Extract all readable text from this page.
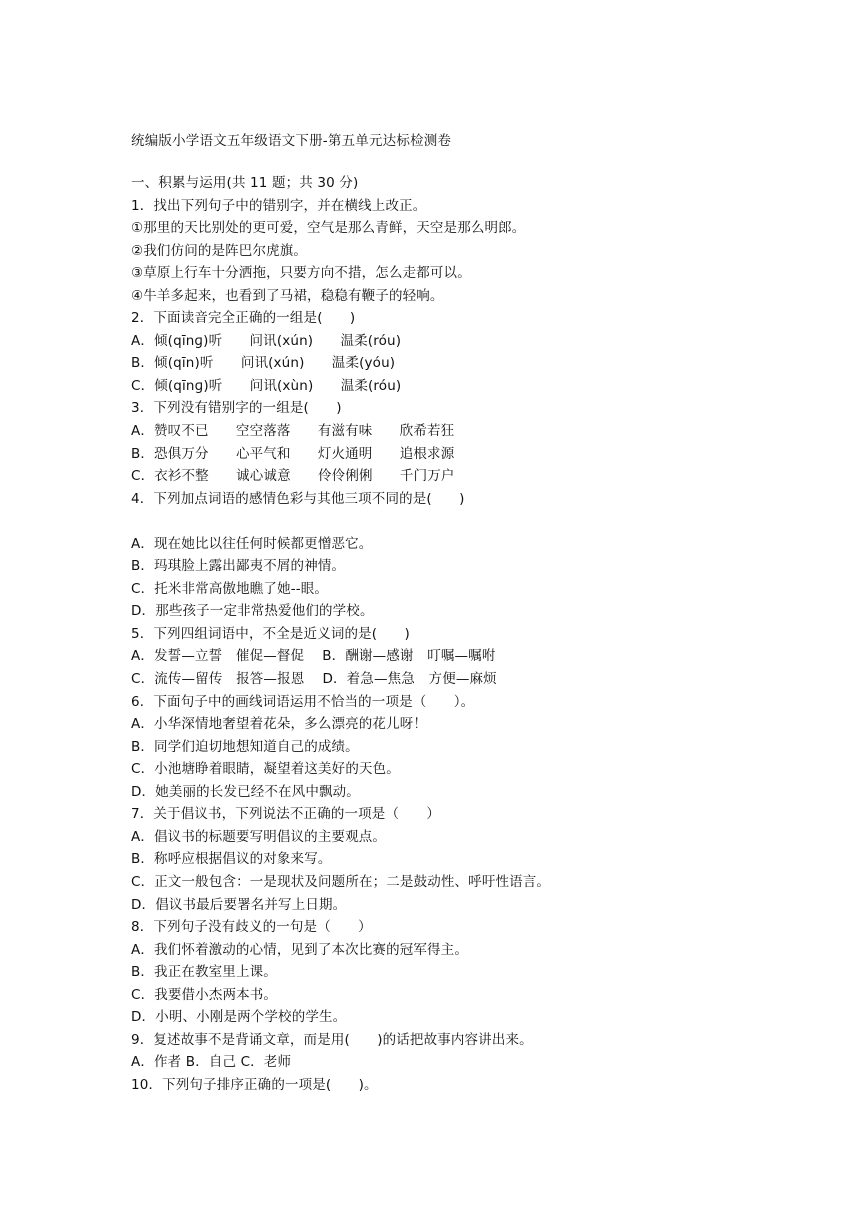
统编版小学语文五年级语文下册-第五单元达标检测卷
一、积累与运用(共 11 题；共 30 分)
1．找出下列句子中的错别字，并在横线上改正。
①那里的天比别处的更可爱，空气是那么青鲜，天空是那么明郎。
②我们仿问的是阵巴尔虎旗。
③草原上行车十分洒拖，只要方向不措，怎么走都可以。
④牛羊多起来，也看到了马裙，稳稳有鞭子的轻响。
2．下面读音完全正确的一组是(　　)
A．倾(qīnɡ)听　　问讯(xún)　　温柔(róu)
B．倾(qīn)听　　问讯(xún)　　温柔(yóu)
C．倾(qīnɡ)听　　问讯(xùn)　　温柔(róu)
3．下列没有错别字的一组是(　　)
A．赞叹不已　　空空落落　　有滋有味　　欣希若狂
B．恐俱万分　　心平气和　　灯火通明　　追根求源
C．衣衫不整　　诚心诚意　　伶伶俐俐　　千门万户
4．下列加点词语的感情色彩与其他三项不同的是(　　)
A．现在她比以往任何时候都更憎恶它。
B．玛琪脸上露出鄙夷不屑的神情。
C．托米非常高傲地瞧了她--眼。
D．那些孩子一定非常热爱他们的学校。
5．下列四组词语中，不全是近义词的是(　　)
A．发誓—立誓　催促—督促　 B．酬谢—感谢　叮嘱—嘱咐
C．流传—留传　报答—报恩　 D．着急—焦急　方便—麻烦
6．下面句子中的画线词语运用不恰当的一项是（　　）。
A．小华深情地奢望着花朵，多么漂亮的花儿呀！
B．同学们迫切地想知道自己的成绩。
C．小池塘睁着眼睛，凝望着这美好的天色。
D．她美丽的长发已经不在风中飘动。
7．关于倡议书，下列说法不正确的一项是（　　）
A．倡议书的标题要写明倡议的主要观点。
B．称呼应根据倡议的对象来写。
C．正文一般包含：一是现状及问题所在；二是鼓动性、呼吁性语言。
D．倡议书最后要署名并写上日期。
8．下列句子没有歧义的一句是（　　）
A．我们怀着激动的心情，见到了本次比赛的冠军得主。
B．我正在教室里上课。
C．我要借小杰两本书。
D．小明、小刚是两个学校的学生。
9．复述故事不是背诵文章，而是用(　　)的话把故事内容讲出来。
A．作者 B．自己 C．老师
10．下列句子排序正确的一项是(　　)。
